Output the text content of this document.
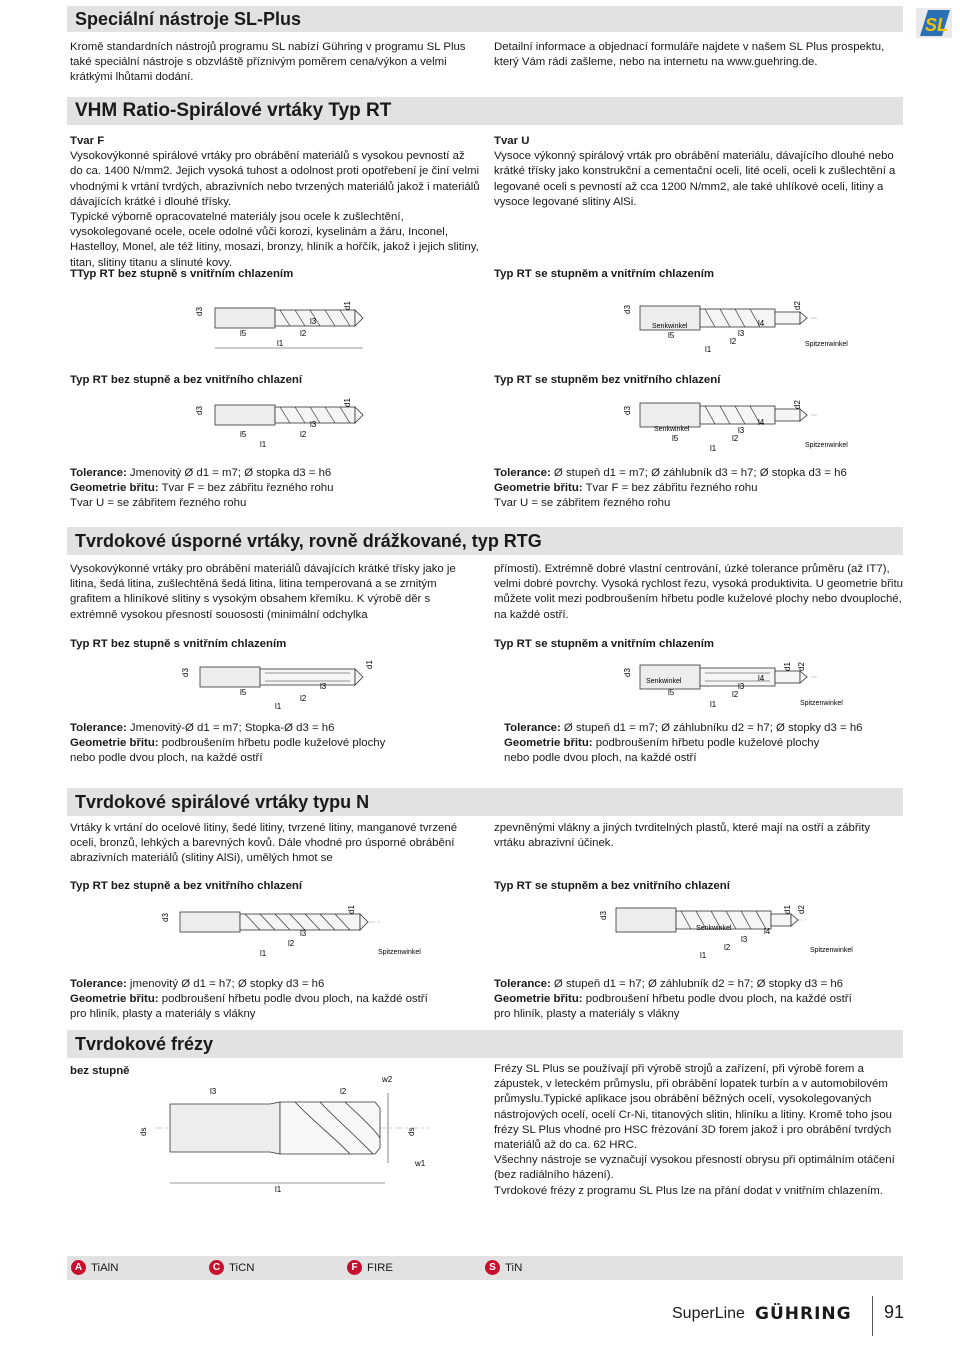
Speciální nástroje SL-Plus	SL

Kromě standardních nástrojů programu SL nabízí Gühring v programu SL Plus také speciální nástroje s obzvláště příznivým poměrem cena/výkon a velmi krátkými lhůtami dodání.

Detailní informace a objednací formuláře najdete v našem SL Plus prospektu, který Vám rádi zašleme, nebo na internetu na www.guehring.de.

VHM Ratio-Spirálové vrtáky Typ RT
Tvar F

Vysokovýkonné spirálové vrtáky pro obrábění materiálů s vysokou pevností až do ca. 1400 N/mm2. Jejich vysoká tuhost a odolnost proti opotřebení je činí velmi vhodnými k vrtání tvrdých, abrazivních nebo tvrzených materiálů jakož i materiálů dávajících krátké i dlouhé třísky.

Typické výborně opracovatelné materiály jsou ocele k zušlechtění, vysokolegované ocele, ocele odolné vůči korozi, kyselinám a žáru, Inconel, Hastelloy, Monel, ale též litiny, mosazi, bronzy, hliník a hořčík, jakož i jejich slitiny, titan, slitiny titanu a slinuté kovy.

Tvar U

Vysoce výkonný spirálový vrták pro obrábění materiálu, dávajícího dlouhé nebo krátké třísky jako konstrukční a cementační oceli, lité oceli, oceli k zušlechtění a legované oceli s pevností až cca 1200 N/mm2, ale také uhlíkové oceli, litiny a vysoce legované slitiny AlSi.

TTyp RT bez stupně s vnitřním chlazením	Typ RT se stupněm a vnitřním chlazením
d3
d1
l5	l2
l3
l1
d3	d2
Senkwinkel
l5	l3
l4
l2
l1
Spitzenwinkel
Typ RT bez stupně a bez vnitřního chlazení	Typ RT se stupněm bez vnitřního chlazení
d3
d1
l5	l2
l3
l1
d3
d2
Senkwinkel
l5
l3
l4
l2
l1	Spitzenwinkel
Tolerance: Jmenovitý Ø d1 = m7; Ø stopka d3 = h6
Geometrie břitu: Tvar F = bez zábřitu řezného rohu
Tvar U = se zábřitem řezného rohu
Tolerance: Ø stupeň d1 = m7; Ø záhlubník d3 = h7; Ø stopka d3 = h6
Geometrie břitu: Tvar F = bez zábřitu řezného rohu
Tvar U = se zábřitem řezného rohu
Tvrdokové úsporné vrtáky, rovně drážkované, typ RTG

Vysokovýkonné vrtáky pro obrábění materiálů dávajících krátké třísky jako je litina, šedá litina, zušlechtěná šedá litina, litina temperovaná a se zrnitým grafitem a hliníkové slitiny s vysokým obsahem křemíku. K výrobě děr s extrémně vysokou přesností souososti (minimální odchylka

přímosti). Extrémně dobré vlastní centrování, úzké tolerance průměru (až IT7), velmi dobré povrchy. Vysoká rychlost řezu, vysoká produktivita. U geometrie břitu můžete volit mezi podbroušením hřbetu podle kuželové plochy nebo dvouploché, na každé ostří.

Typ RT bez stupně s vnitřním chlazením	Typ RT se stupněm a vnitřním chlazením
d3
d1
l5
l3
l2
l1
d3
d1 d2
Senkwinkel
l5
l3
l4
l2
l1	Spitzenwinkel
Tolerance: Jmenovitý-Ø d1 = m7; Stopka-Ø d3 = h6
Geometrie břitu: podbroušením hřbetu podle kuželové plochy
nebo podle dvou ploch, na každé ostří
Tolerance: Ø stupeň d1 = m7; Ø záhlubníku d2 = h7; Ø stopky d3 = h6
Geometrie břitu: podbroušením hřbetu podle kuželové plochy
nebo podle dvou ploch, na každé ostří
Tvrdokové spirálové vrtáky typu N

Vrtáky k vrtání do ocelové litiny, šedé litiny, tvrzené litiny, manganové tvrzené oceli, bronzů, lehkých a barevných kovů. Dále vhodné pro úsporné obrábění abrazivních materiálů (slitiny AlSi), umělých hmot se

zpevněnými vlákny a jiných tvrditelných plastů, které mají na ostří a zábřity vrtáku abrazivní účinek.

Typ RT bez stupně a bez vnitřního chlazení	Typ RT se stupněm a bez vnitřního chlazení
d3
d1
l3
l2
l1	Spitzenwinkel
d3
d1 d2
Senkwinkel	l4
l3
l2
l1
Spitzenwinkel
Tolerance: jmenovitý Ø d1 = h7; Ø stopky d3 = h6
Geometrie břitu: podbroušení hřbetu podle dvou ploch, na každé ostří
pro hliník, plasty a materiály s vlákny
Tolerance: Ø stupeň d1 = h7; Ø záhlubník d2 = h7; Ø stopky d3 = h6
Geometrie břitu: podbroušení hřbetu podle dvou ploch, na každé ostří
pro hliník, plasty a materiály s vlákny
Tvrdokové frézy
bez stupně
ds	ds
l3	l2
w2
w1
l1

Frézy SL Plus se používají při výrobě strojů a zařízení, při výrobě forem a zápustek, v leteckém průmyslu, při obrábění lopatek turbín a v automobilovém průmyslu.Typické aplikace jsou obrábění běžných ocelí, vysokolegovaných nástrojových ocelí, ocelí Cr-Ni, titanových slitin, hliníku a litiny. Kromě toho jsou frézy SL Plus vhodné pro HSC frézování 3D forem jakož i pro obrábění tvrdých materiálů až do ca. 62 HRC.

Všechny nástroje se vyznačují vysokou přesností obrysu při optimálním otáčení (bez radiálního házení).

Tvrdokové frézy z programu SL Plus lze na přání dodat v vnitřním chlazením.

A TiAlN	C TiCN	F FIRE	S TiN
SuperLine GÜHRING 91
